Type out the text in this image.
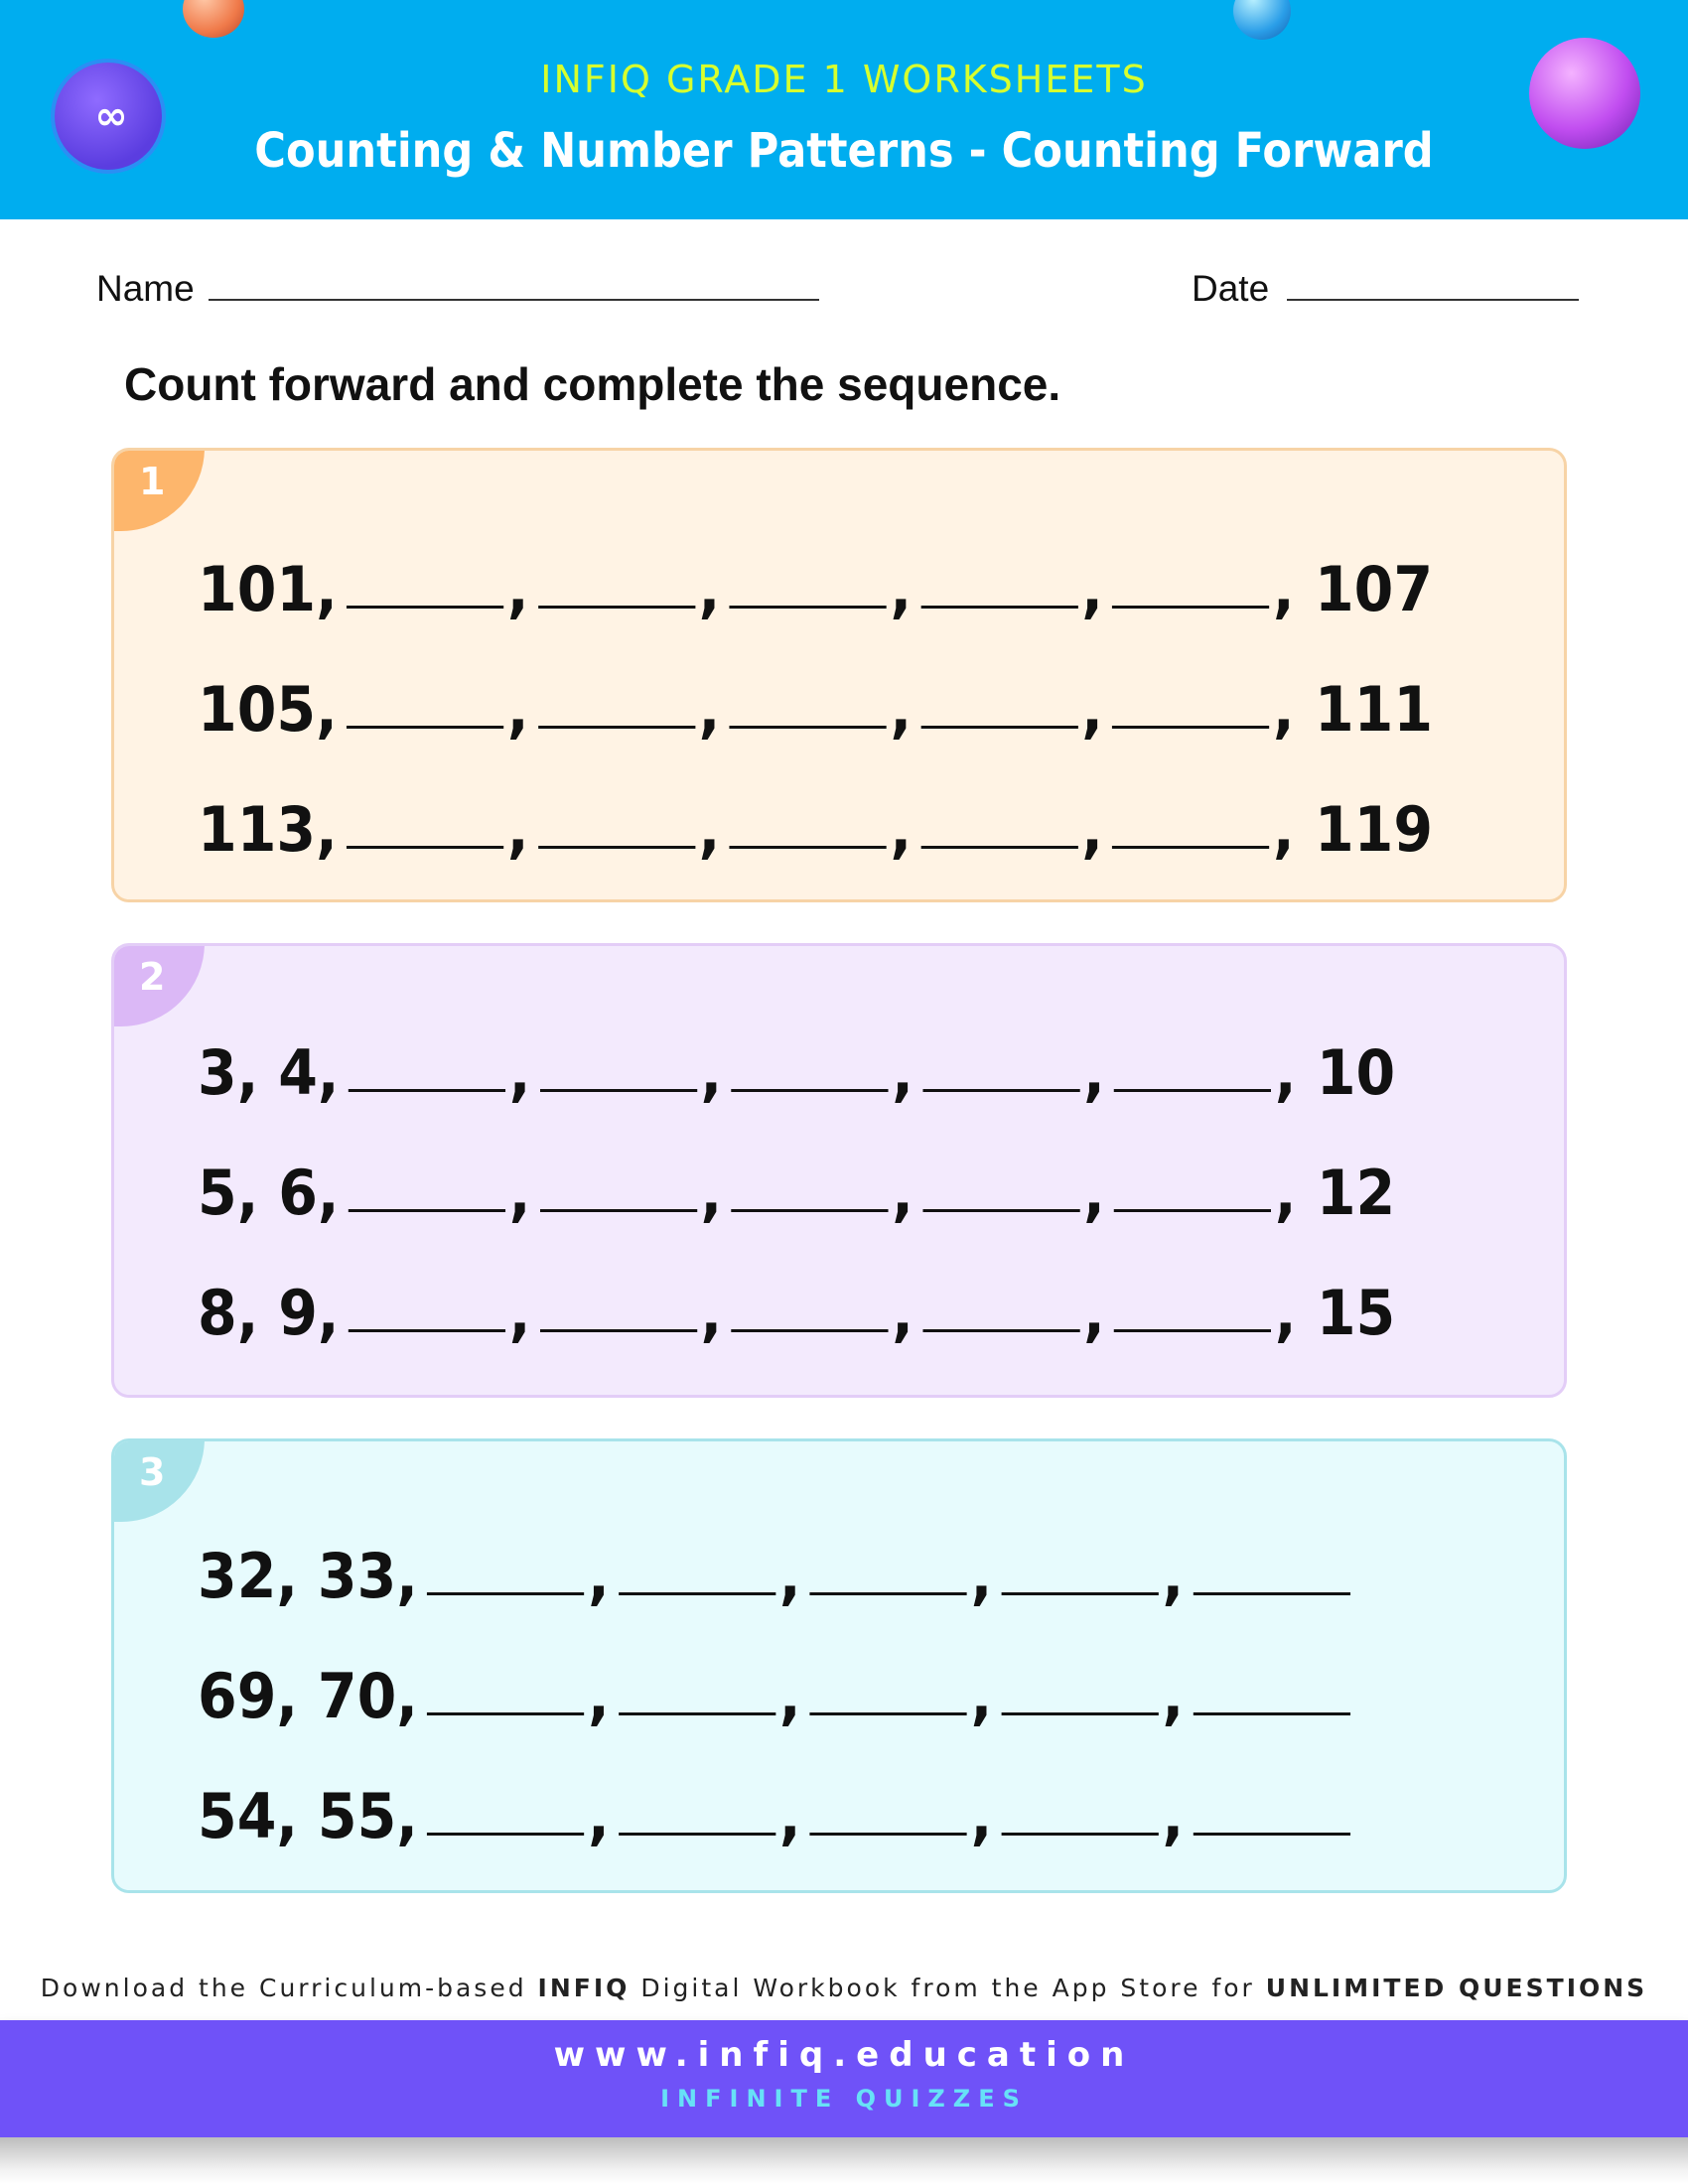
∞
INFIQ GRADE 1 WORKSHEETS
Counting & Number Patterns - Counting Forward
Name	Date
Count forward and complete the sequence.
1
101,	,	,	,	,	, 107
105,	,	,	,	,	, 111
113,	,	,	,	,	, 119
2
3, 4,	,	,	,	,	, 10
5, 6,	,	,	,	,	, 12
8, 9,	,	,	,	,	, 15
3
32, 33,	,	,	,	,
69, 70,	,	,	,	,
54, 55,	,	,	,	,
Download the Curriculum-based INFIQ Digital Workbook from the App Store for UNLIMITED QUESTIONS
www.infiq.education
INFINITE QUIZZES
